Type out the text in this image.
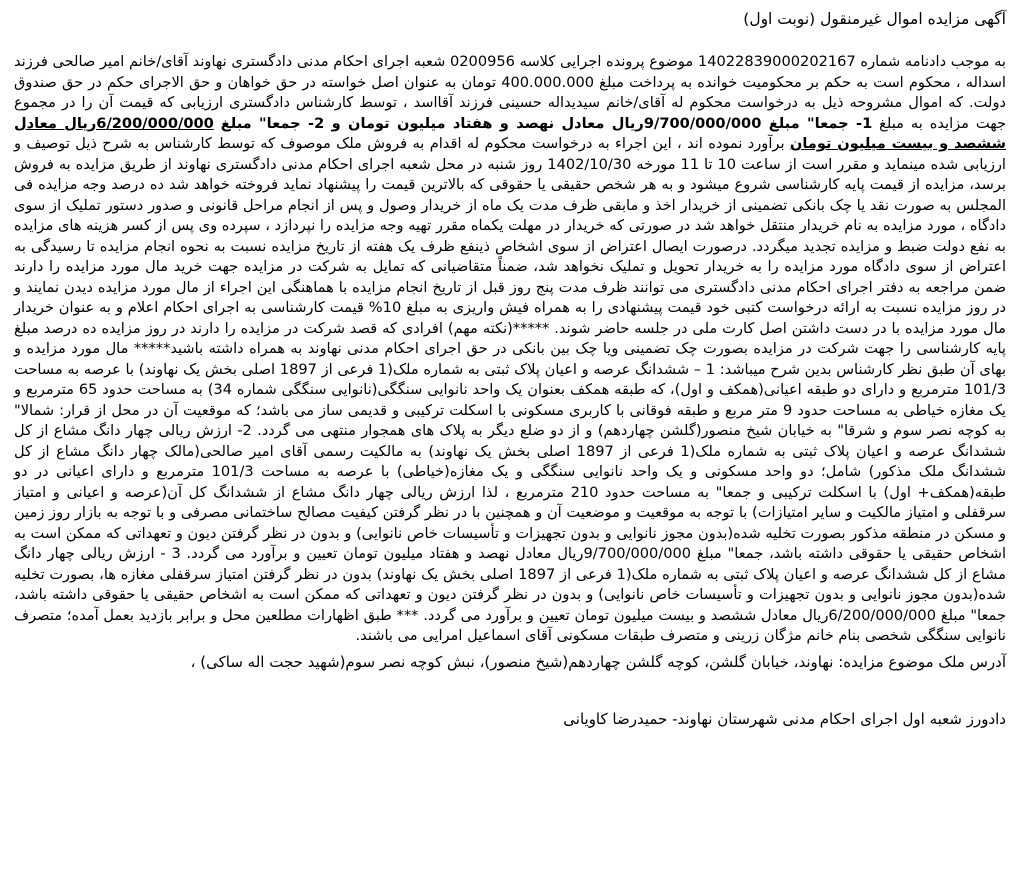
آگهی مزایده اموال غیرمنقول (نوبت اول)

به موجب دادنامه شماره 14022839000202167 موضوع پرونده اجرایی کلاسه 0200956 شعبه اجرای احکام مدنی دادگستری نهاوند آقای/خانم امیر صالحی فرزند اسداله ، محکوم است به حکم بر محکومیت خوانده به پرداخت مبلغ 400.000.000 تومان به عنوان اصل خواسته در حق خواهان و حق الاجرای حکم در حق صندوق دولت. که اموال مشروحه ذیل به درخواست محکوم له آقای/خانم سیدیداله حسینی فرزند آقااسد ، توسط کارشناس دادگستری ارزیابی که قیمت آن را در مجموع جهت مزایده به مبلغ 1- جمعا" مبلغ 9/700/000/000ریال معادل نهصد و هفتاد میلیون تومان و 2- جمعا" مبلغ 6/200/000/000ریال معادل ششصد و بیست میلیون تومان برآورد نموده اند ، این اجراء به درخواست محکوم له اقدام به فروش ملک موصوف که توسط کارشناس به شرح ذیل توصیف و ارزیابی شده مینماید و مقرر است از ساعت 10 تا 11 مورخه 1402/10/30 روز شنبه در محل شعبه اجرای احکام مدنی دادگستری نهاوند از طریق مزایده به فروش برسد، مزایده از قیمت پایه کارشناسی شروع میشود و به هر شخص حقیقی یا حقوقی که بالاترین قیمت را پیشنهاد نماید فروخته خواهد شد ده درصد وجه مزایده فی المجلس به صورت نقد یا چک بانکی تضمینی از خریدار اخذ و مابقی ظرف مدت یک ماه از خریدار وصول و پس از انجام مراحل قانونی و صدور دستور تملیک از سوی دادگاه ، مورد مزایده به نام خریدار منتقل خواهد شد در صورتی که خریدار در مهلت یکماه مقرر تهیه وجه مزایده را نپردازد ، سپرده وی پس از کسر هزینه های مزایده به نفع دولت ضبط و مزایده تجدید میگردد. درصورت ایصال اعتراض از سوی اشخاص ذینفع ظرف یک هفته از تاریخ مزایده نسبت به نحوه انجام مزایده تا رسیدگی به اعتراض از سوی دادگاه مورد مزایده را به خریدار تحویل و تملیک نخواهد شد، ضمناً متقاضیانی که تمایل به شرکت در مزایده جهت خرید مال مورد مزایده را دارند ضمن مراجعه به دفتر اجرای احکام مدنی دادگستری می توانند ظرف مدت پنج روز قبل از تاریخ انجام مزایده با هماهنگی این اجراء از مال مورد مزایده دیدن نمایند و در روز مزایده نسبت به ارائه درخواست کتبی خود قیمت پیشنهادی را به همراه فیش واریزی به مبلغ 10% قیمت کارشناسی به اجرای احکام اعلام و به عنوان خریدار مال مورد مزایده با در دست داشتن اصل کارت ملی در جلسه حاضر شوند. *****(نکته مهم) افرادی که قصد شرکت در مزایده را دارند در روز مزایده ده درصد مبلغ پایه کارشناسی را جهت شرکت در مزایده بصورت چک تضمینی ویا چک بین بانکی در حق اجرای احکام مدنی نهاوند به همراه داشته باشید***** مال مورد مزایده و بهای آن طبق نظر کارشناس بدین شرح میباشد: 1 – ششدانگ عرصه و اعیان پلاک ثبتی به شماره ملک(1 فرعی از 1897 اصلی بخش یک نهاوند) با عرصه به مساحت 101/3 مترمربع و دارای دو طبقه اعیانی(همکف و اول)، که طبقه همکف بعنوان یک واحد نانوایی سنگگی(نانوایی سنگگی شماره 34) به مساحت حدود 65 مترمربع و یک مغازه خیاطی به مساحت حدود 9 متر مربع و طبقه فوقانی با کاربری مسکونی با اسکلت ترکیبی و قدیمی ساز می باشد؛ که موقعیت آن در محل از قرار: شمالا" به کوچه نصر سوم و شرقا" به خیابان شیخ منصور(گلشن چهاردهم) و از دو ضلع دیگر به پلاک های همجوار منتهی می گردد. 2- ارزش ریالی چهار دانگ مشاع از کل ششدانگ عرصه و اعیان پلاک ثبتی به شماره ملک(1 فرعی از 1897 اصلی بخش یک نهاوند) به مالکیت رسمی آقای امیر صالحی(مالک چهار دانگ مشاع از کل ششدانگ ملک مذکور) شامل؛ دو واحد مسکونی و یک واحد نانوایی سنگگی و یک مغازه(خیاطی) با عرصه به مساحت 101/3 مترمربع و دارای اعیانی در دو طبقه(همکف+ اول) با اسکلت ترکیبی و جمعا" به مساحت حدود 210 مترمربع ، لذا ارزش ریالی چهار دانگ مشاع از ششدانگ کل آن(عرصه و اعیانی و امتیاز سرقفلی و امتیاز مالکیت و سایر امتیازات) با توجه به موقعیت و موضعیت آن و همچنین با در نظر گرفتن کیفیت مصالح ساختمانی مصرفی و با توجه به بازار روز زمین و مسکن در منطقه مذکور بصورت تخلیه شده(بدون مجوز نانوایی و بدون تجهیزات و تأسیسات خاص نانوایی) و بدون در نظر گرفتن دیون و تعهداتی که ممکن است به اشخاص حقیقی یا حقوقی داشته باشد، جمعا" مبلغ 9/700/000/000ریال معادل نهصد و هفتاد میلیون تومان تعیین و برآورد می گردد. 3 - ارزش ریالی چهار دانگ مشاع از کل ششدانگ عرصه و اعیان پلاک ثبتی به شماره ملک(1 فرعی از 1897 اصلی بخش یک نهاوند) بدون در نظر گرفتن امتیاز سرقفلی مغازه ها، بصورت تخلیه شده(بدون مجوز نانوایی و بدون تجهیزات و تأسیسات خاص نانوایی) و بدون در نظر گرفتن دیون و تعهداتی که ممکن است به اشخاص حقیقی یا حقوقی داشته باشد، جمعا" مبلغ 6/200/000/000ریال معادل ششصد و بیست میلیون تومان تعیین و برآورد می گردد. *** طبق اظهارات مطلعین محل و برابر بازدید بعمل آمده؛ متصرف نانوایی سنگگی شخصی بنام خانم مژگان زرینی و متصرف طبقات مسکونی آقای اسماعیل امرایی می باشند.

آدرس ملک موضوع مزایده: نهاوند، خیابان گلشن، کوچه گلشن چهاردهم(شیخ منصور)، نبش کوچه نصر سوم(شهید حجت اله ساکی) ،
دادورز شعبه اول اجرای احکام مدنی شهرستان نهاوند- حمیدرضا کاویانی
